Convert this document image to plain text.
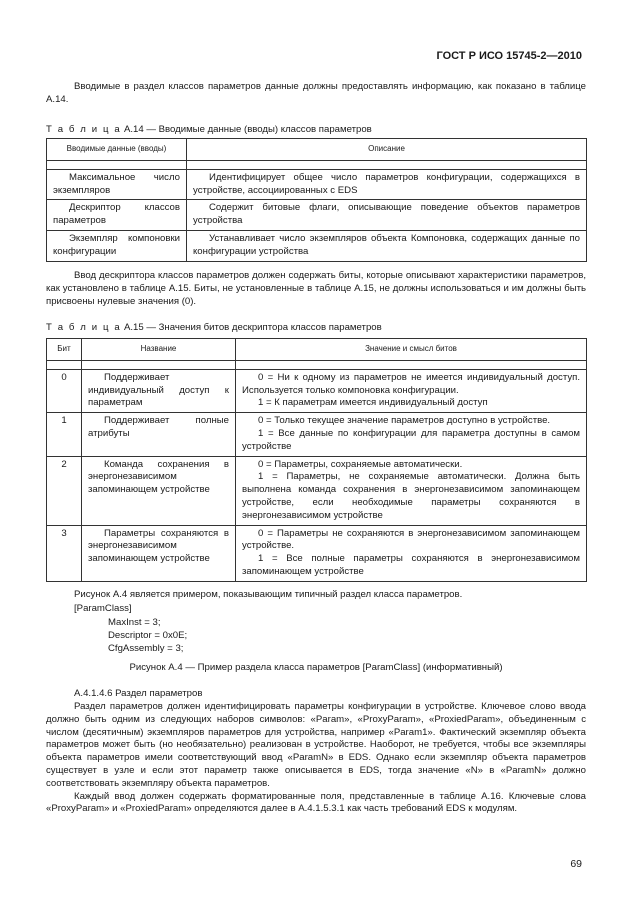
ГОСТ Р ИСО 15745-2—2010

Вводимые в раздел классов параметров данные должны предоставлять информацию, как показано в таблице А.14.

Т а б л и ц а А.14 — Вводимые данные (вводы) классов параметров
Вводимые данные (вводы)	Описание

Максимальное число экземпляров	Идентифицирует общее число параметров конфигурации, содержащихся в устройстве, ассоциированных с EDS
Дескриптор классов параметров	Содержит битовые флаги, описывающие поведение объектов параметров устройства
Экземпляр компоновки конфигурации	Устанавливает число экземпляров объекта Компоновка, содержащих данные по конфигурации устройства

Ввод дескриптора классов параметров должен содержать биты, которые описывают характеристики параметров, как установлено в таблице А.15. Биты, не установленные в таблице А.15, не должны использоваться и им должны быть присвоены нулевые значения (0).

Т а б л и ц а А.15 — Значения битов дескриптора классов параметров
Бит	Название	Значение и смысл битов

0	Поддерживает индивидуальный доступ к параметрам	0 = Ни к одному из параметров не имеется индивидуальный доступ. Используется только компоновка конфигурации.

1 = К параметрам имеется индивидуальный доступ

1	Поддерживает полные атрибуты	0 = Только текущее значение параметров доступно в устройстве.

1 = Все данные по конфигурации для параметра доступны в самом устройстве

2	Команда сохранения в энергонезависимом запоминающем устройстве	0 = Параметры, сохраняемые автоматически.

1 = Параметры, не сохраняемые автоматически. Должна быть выполнена команда сохранения в энергонезависимом запоминающем устройстве, если необходимые параметры сохраняются в энергонезависимом устройстве

3	Параметры сохраняются в энергонезависимом запоминающем устройстве	0 = Параметры не сохраняются в энергонезависимом запоминающем устройстве.

1 = Все полные параметры сохраняются в энергонезависимом запоминающем устройстве

Рисунок А.4 является примером, показывающим типичный раздел класса параметров.
[ParamClass]
MaxInst = 3;
Descriptor = 0x0E;
CfgAssembly = 3;
Рисунок А.4 — Пример раздела класса параметров [ParamClass] (информативный)
А.4.1.4.6 Раздел параметров

Раздел параметров должен идентифицировать параметры конфигурации в устройстве. Ключевое слово ввода должно быть одним из следующих наборов символов: «Param», «ProxyParam», «ProxiedParam», объединенным с числом (десятичным) экземпляров параметров для устройства, например «Param1». Фактический экземпляр объекта параметров может быть (но необязательно) реализован в устройстве. Наоборот, не требуется, чтобы все экземпляры объекта параметров имели соответствующий ввод «ParamN» в EDS. Однако если экземпляр объекта параметров существует в узле и если этот параметр также описывается в EDS, тогда значение «N» в «ParamN» должно соответствовать экземпляру объекта параметров.

Каждый ввод должен содержать форматированные поля, представленные в таблице А.16. Ключевые слова «ProxyParam» и «ProxiedParam» определяются далее в А.4.1.5.3.1 как часть требований EDS к модулям.

69
